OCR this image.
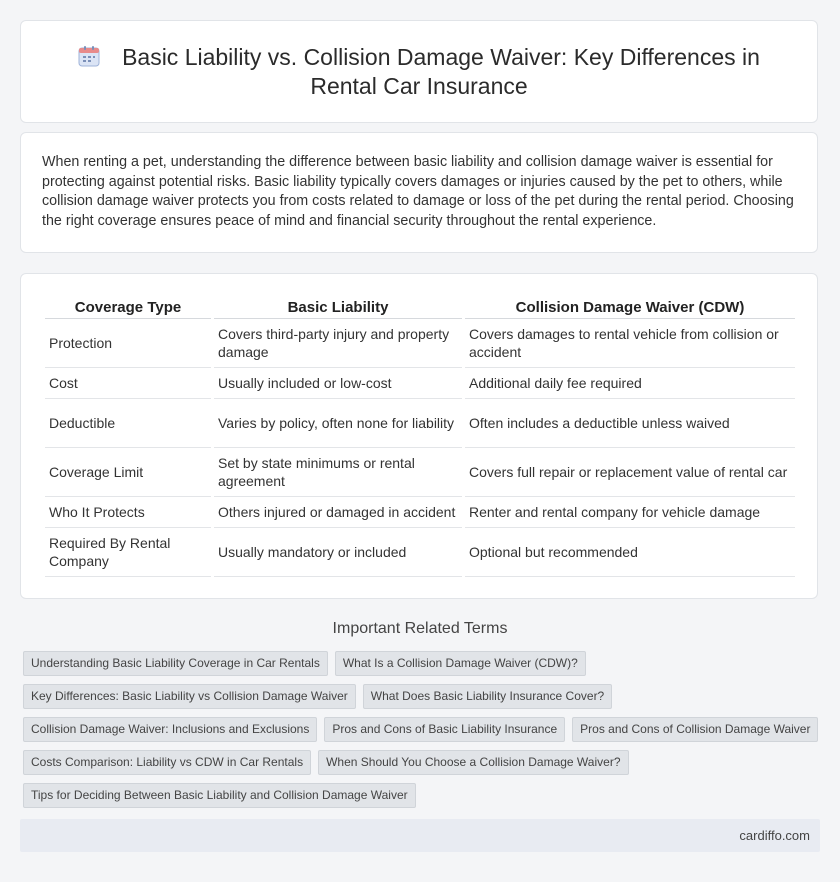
Basic Liability vs. Collision Damage Waiver: Key Differences in Rental Car Insurance
When renting a pet, understanding the difference between basic liability and collision damage waiver is essential for protecting against potential risks. Basic liability typically covers damages or injuries caused by the pet to others, while collision damage waiver protects you from costs related to damage or loss of the pet during the rental period. Choosing the right coverage ensures peace of mind and financial security throughout the rental experience.
Coverage Type	Basic Liability	Collision Damage Waiver (CDW)
Protection	Covers third-party injury and property damage	Covers damages to rental vehicle from collision or accident
Cost	Usually included or low-cost	Additional daily fee required
Deductible	Varies by policy, often none for liability	Often includes a deductible unless waived
Coverage Limit	Set by state minimums or rental agreement	Covers full repair or replacement value of rental car
Who It Protects	Others injured or damaged in accident	Renter and rental company for vehicle damage
Required By Rental Company	Usually mandatory or included	Optional but recommended
Important Related Terms
Understanding Basic Liability Coverage in Car Rentals	What Is a Collision Damage Waiver (CDW)?
Key Differences: Basic Liability vs Collision Damage Waiver	What Does Basic Liability Insurance Cover?
Collision Damage Waiver: Inclusions and Exclusions	Pros and Cons of Basic Liability Insurance	Pros and Cons of Collision Damage Waiver
Costs Comparison: Liability vs CDW in Car Rentals	When Should You Choose a Collision Damage Waiver?
Tips for Deciding Between Basic Liability and Collision Damage Waiver
cardiffo.com
